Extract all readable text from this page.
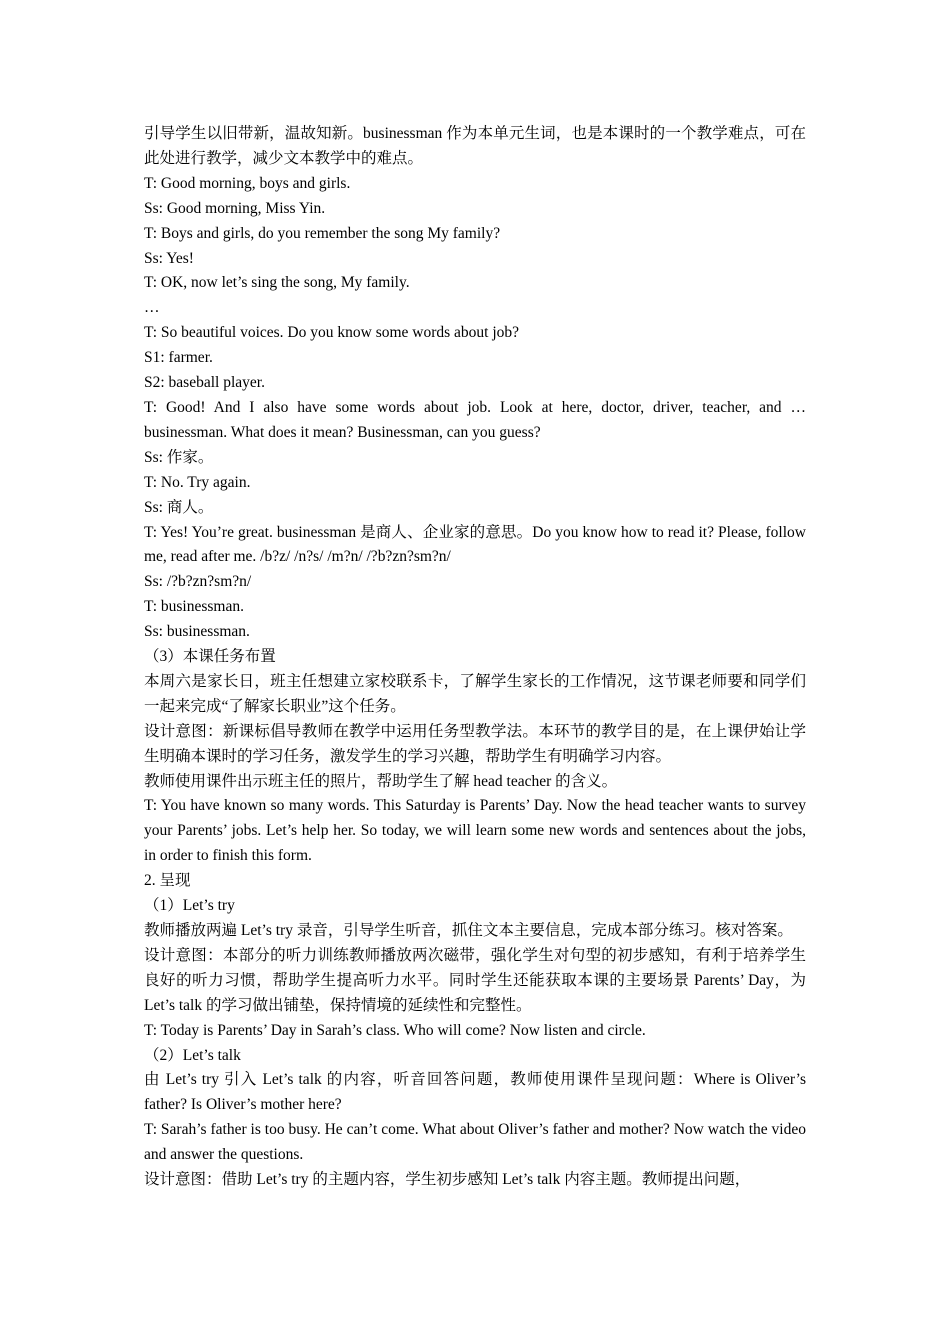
引导学生以旧带新，温故知新。businessman 作为本单元生词，也是本课时的一个教学难点，可在此处进行教学，减少文本教学中的难点。

T: Good morning, boys and girls.

Ss: Good morning, Miss Yin.

T: Boys and girls, do you remember the song My family?

Ss: Yes!

T: OK, now let’s sing the song, My family.

…

T: So beautiful voices. Do you know some words about job?

S1: farmer.

S2: baseball player.

T: Good! And I also have some words about job. Look at here, doctor, driver, teacher, and … businessman. What does it mean? Businessman, can you guess?

Ss: 作家。

T: No. Try again.

Ss: 商人。

T: Yes! You’re great. businessman 是商人、企业家的意思。Do you know how to read it? Please, follow me, read after me. /b?z/ /n?s/ /m?n/ /?b?zn?sm?n/

Ss: /?b?zn?sm?n/

T: businessman.

Ss: businessman.

（3）本课任务布置

本周六是家长日，班主任想建立家校联系卡，了解学生家长的工作情况，这节课老师要和同学们一起来完成“了解家长职业”这个任务。

设计意图：新课标倡导教师在教学中运用任务型教学法。本环节的教学目的是，在上课伊始让学生明确本课时的学习任务，激发学生的学习兴趣，帮助学生有明确学习内容。

教师使用课件出示班主任的照片，帮助学生了解 head teacher 的含义。

T: You have known so many words. This Saturday is Parents’ Day. Now the head teacher wants to survey your Parents’ jobs. Let’s help her. So today, we will learn some new words and sentences about the jobs, in order to finish this form.

2. 呈现

（1）Let’s try

教师播放两遍 Let’s try 录音，引导学生听音，抓住文本主要信息，完成本部分练习。核对答案。

设计意图：本部分的听力训练教师播放两次磁带，强化学生对句型的初步感知，有利于培养学生良好的听力习惯，帮助学生提高听力水平。同时学生还能获取本课的主要场景 Parents’ Day，为 Let’s talk 的学习做出铺垫，保持情境的延续性和完整性。

T: Today is Parents’ Day in Sarah’s class. Who will come? Now listen and circle.

（2）Let’s talk

由 Let’s try 引入 Let’s talk 的内容，听音回答问题，教师使用课件呈现问题：Where is Oliver’s father? Is Oliver’s mother here?

T: Sarah’s father is too busy. He can’t come. What about Oliver’s father and mother? Now watch the video and answer the questions.

设计意图：借助 Let’s try 的主题内容，学生初步感知 Let’s talk 内容主题。教师提出问题，
